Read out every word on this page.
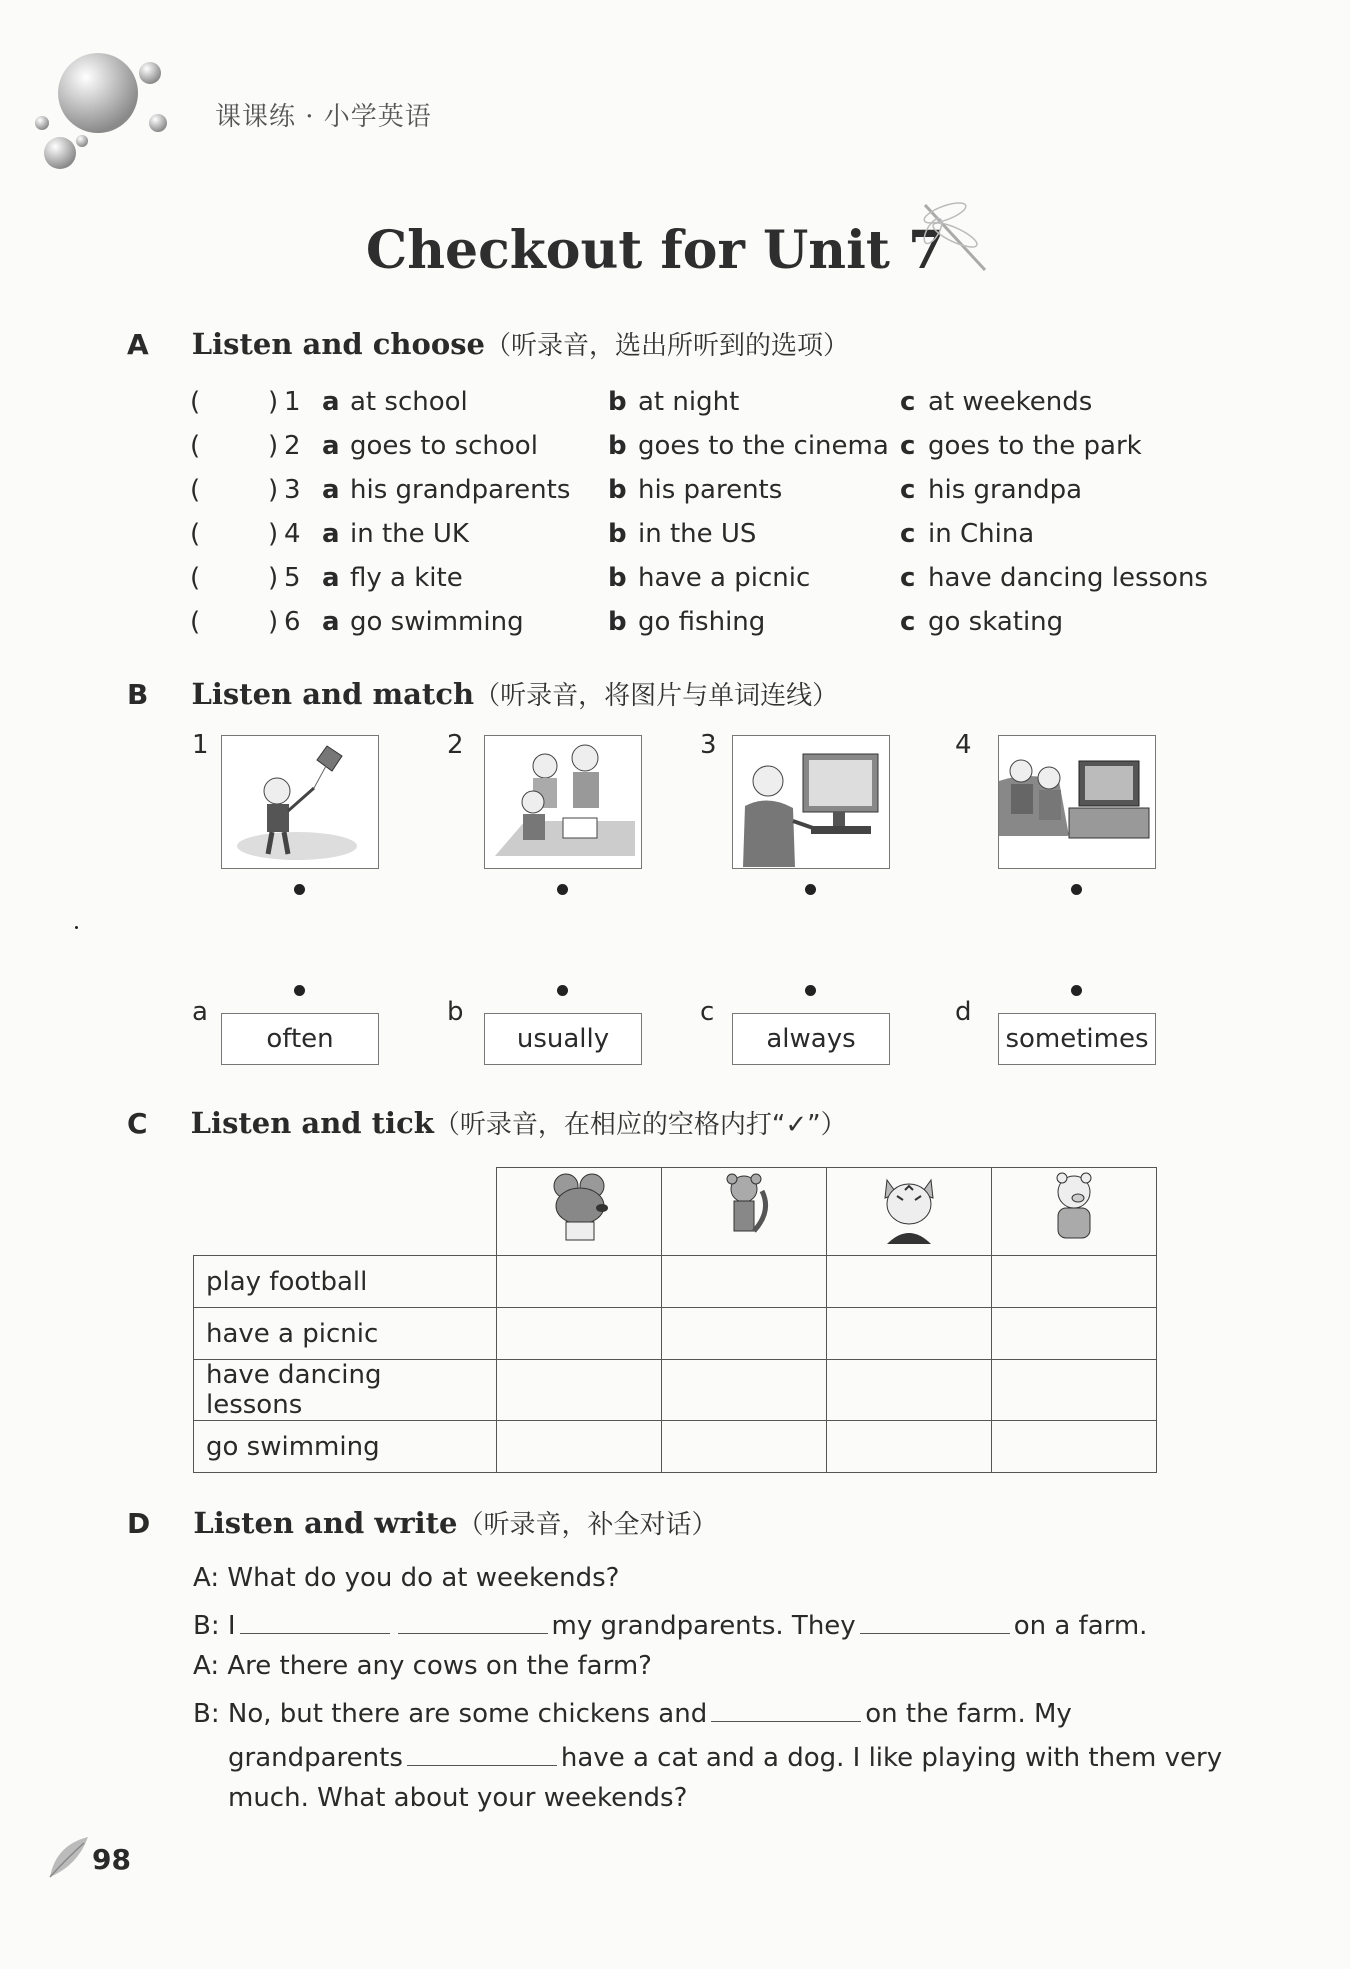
课课练 · 小学英语
Checkout for Unit 7
A Listen and choose（听录音，选出所听到的选项）
(	) 1 a at school	b at night	c at weekends
(	) 2 a goes to school	b goes to the cinema c goes to the park
(	) 3 a his grandparents b his parents	c his grandpa
(	) 4 a in the UK	b in the US	c in China
(	) 5 a fly a kite	b have a picnic	c have dancing lessons
(	) 6 a go swimming	b go fishing	c go skating
B Listen and match（听录音，将图片与单词连线）
1	2	3	4
a	b	c	d
often	usually	always	sometimes
C Listen and tick（听录音，在相应的空格内打“✓”）

play football				
have a picnic				
have dancing lessons				
go swimming				
D Listen and write（听录音，补全对话）
A: What do you do at weekends?
B: I	my grandparents. They	on a farm.
A: Are there any cows on the farm?
B: No, but there are some chickens and	on the farm. My
grandparents	have a cat and a dog. I like playing with them very
much. What about your weekends?
98
